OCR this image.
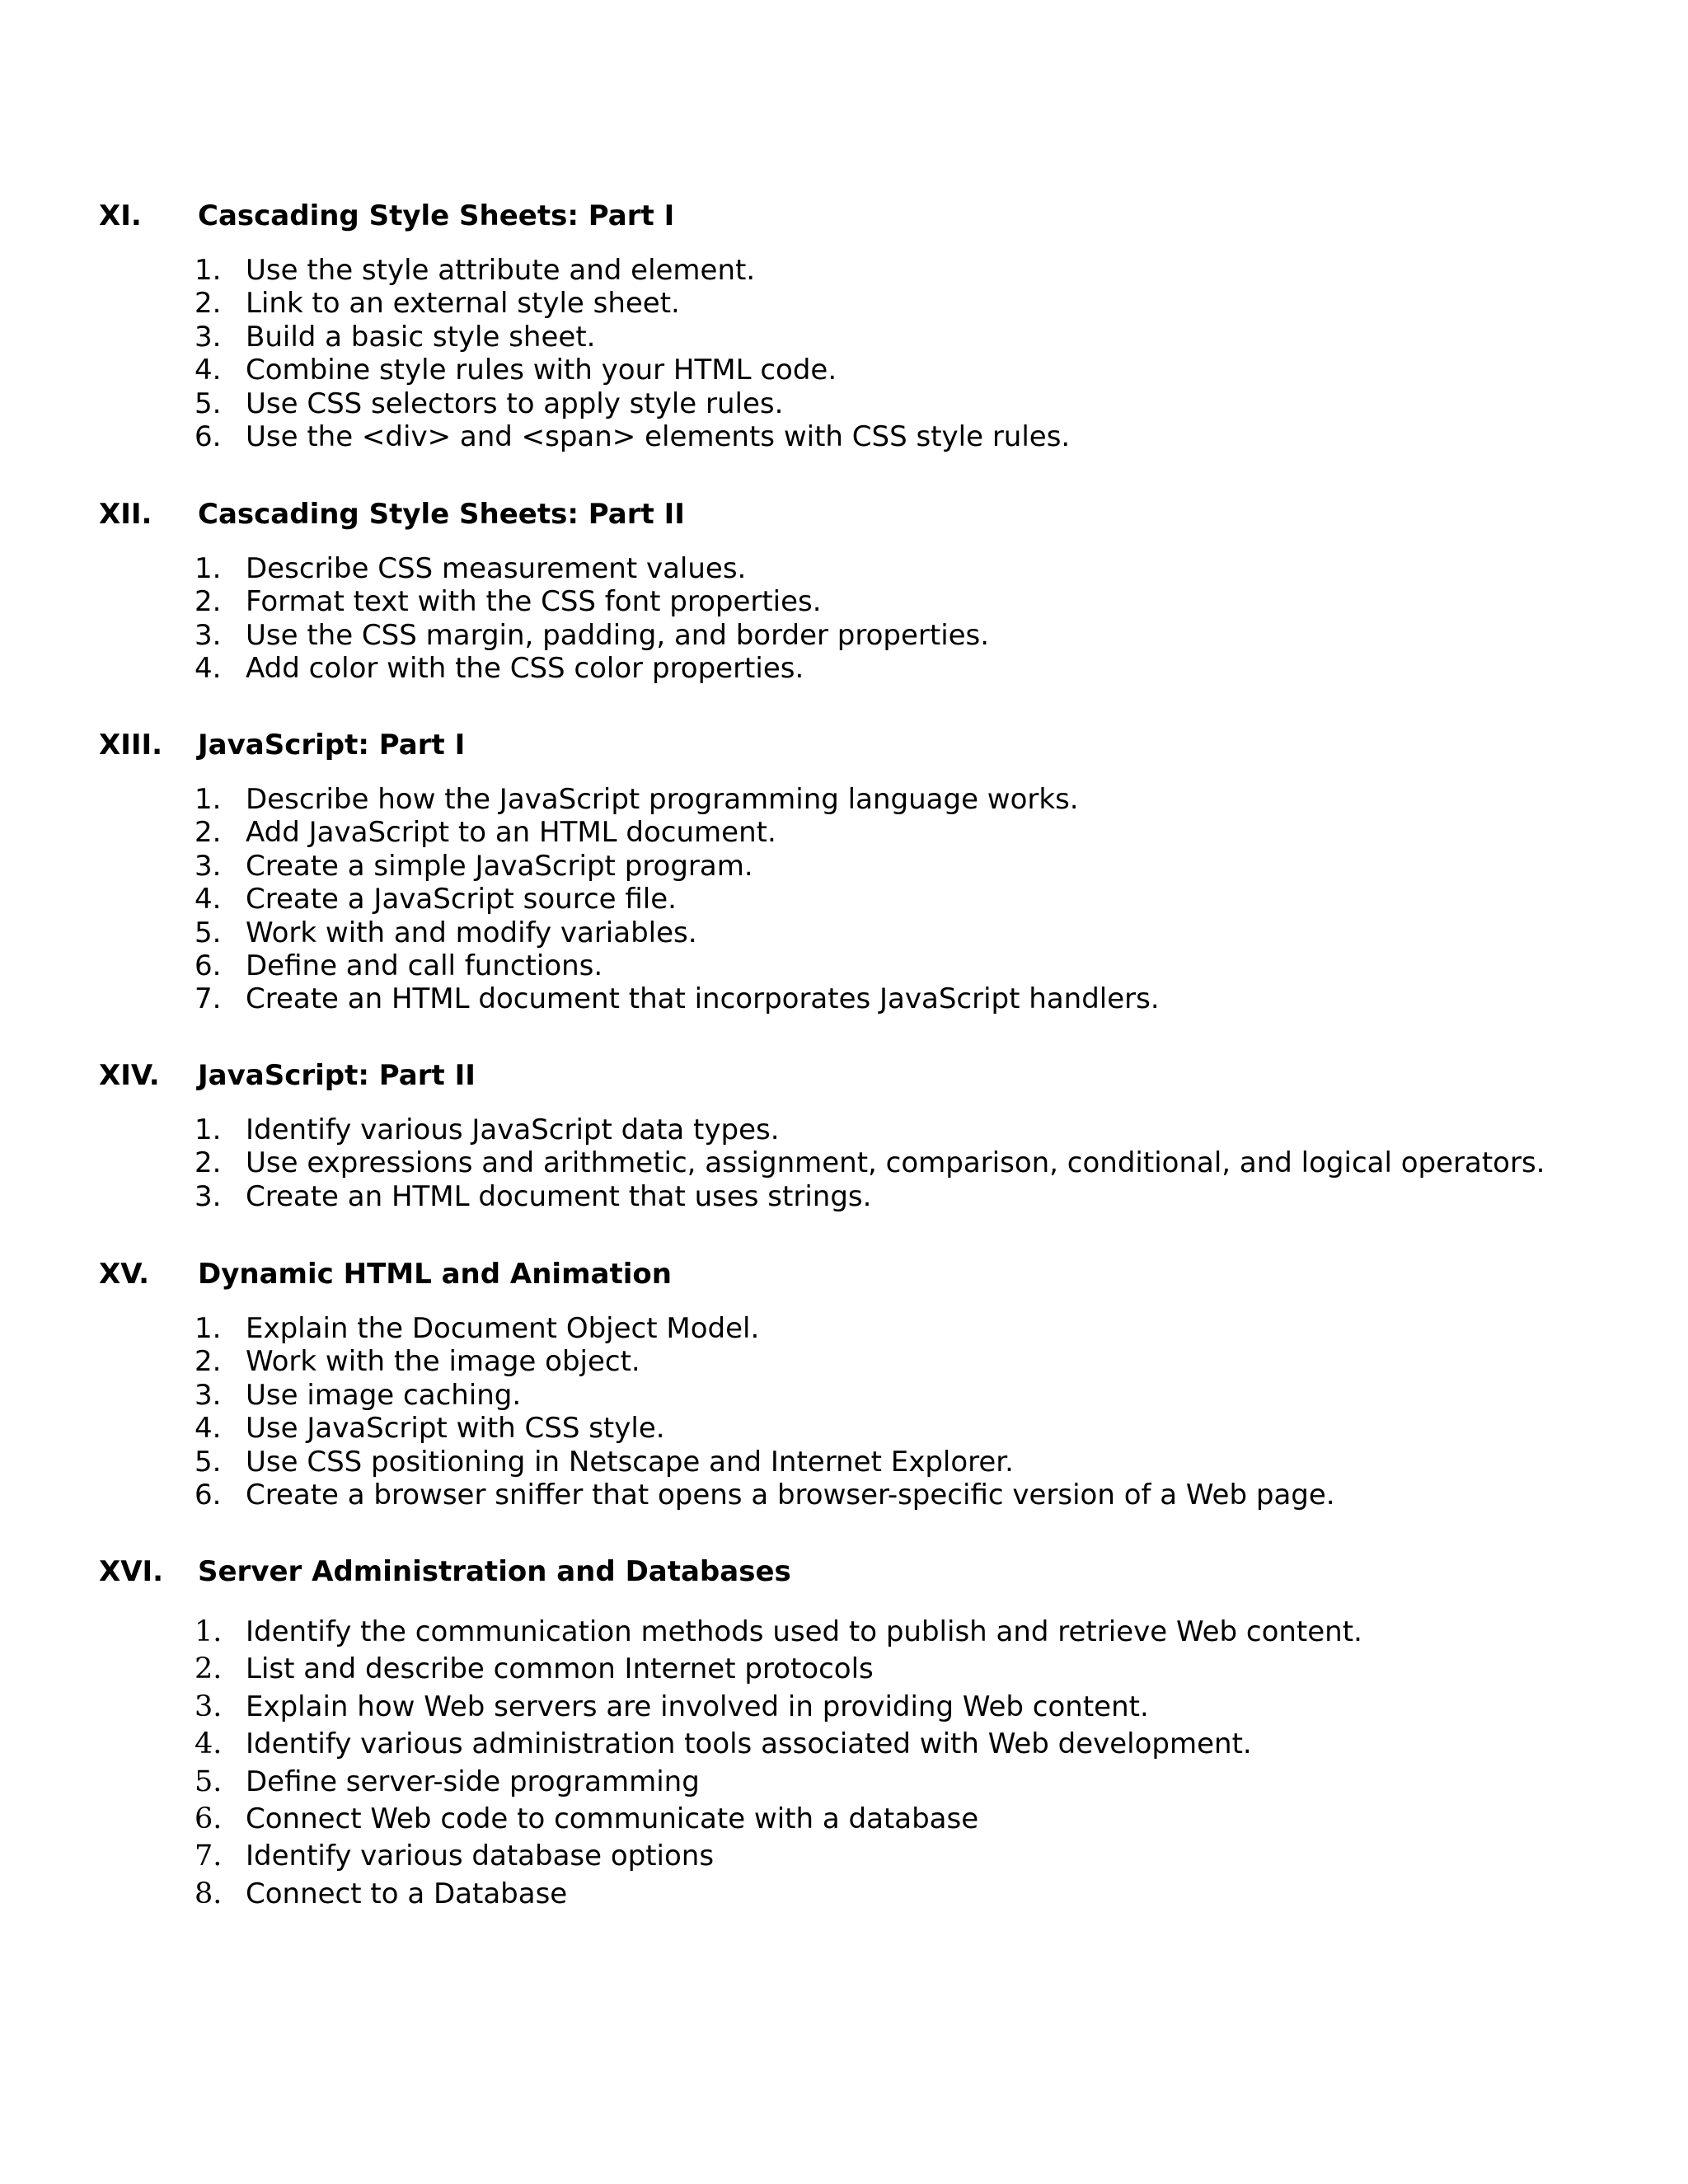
XI. Cascading Style Sheets: Part I
1. Use the style attribute and element.
2. Link to an external style sheet.
3. Build a basic style sheet.
4. Combine style rules with your HTML code.
5. Use CSS selectors to apply style rules.
6. Use the <div> and <span> elements with CSS style rules.
XII. Cascading Style Sheets: Part II
1. Describe CSS measurement values.
2. Format text with the CSS font properties.
3. Use the CSS margin, padding, and border properties.
4. Add color with the CSS color properties.
XIII. JavaScript: Part I
1. Describe how the JavaScript programming language works.
2. Add JavaScript to an HTML document.
3. Create a simple JavaScript program.
4. Create a JavaScript source file.
5. Work with and modify variables.
6. Define and call functions.
7. Create an HTML document that incorporates JavaScript handlers.
XIV. JavaScript: Part II
1. Identify various JavaScript data types.
2. Use expressions and arithmetic, assignment, comparison, conditional, and logical operators.
3. Create an HTML document that uses strings.
XV. Dynamic HTML and Animation
1. Explain the Document Object Model.
2. Work with the image object.
3. Use image caching.
4. Use JavaScript with CSS style.
5. Use CSS positioning in Netscape and Internet Explorer.
6. Create a browser sniffer that opens a browser-specific version of a Web page.
XVI. Server Administration and Databases
1. Identify the communication methods used to publish and retrieve Web content.
2. List and describe common Internet protocols
3. Explain how Web servers are involved in providing Web content.
4. Identify various administration tools associated with Web development.
5. Define server-side programming
6. Connect Web code to communicate with a database
7. Identify various database options
8. Connect to a Database
